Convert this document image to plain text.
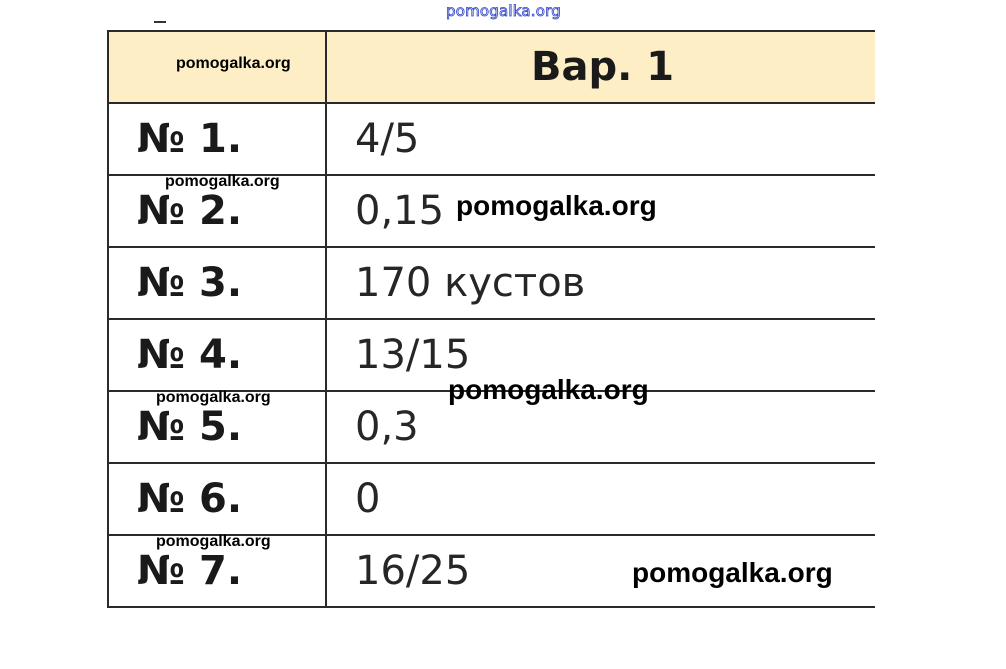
pomogalka.org
	Вар. 1
№ 1.	4/5
№ 2.	0,15
№ 3.	170 кустов
№ 4.	13/15
№ 5.	0,3
№ 6.	0
№ 7.	16/25
pomogalka.org
pomogalka.org
pomogalka.org
pomogalka.org
pomogalka.org
pomogalka.org
pomogalka.org
